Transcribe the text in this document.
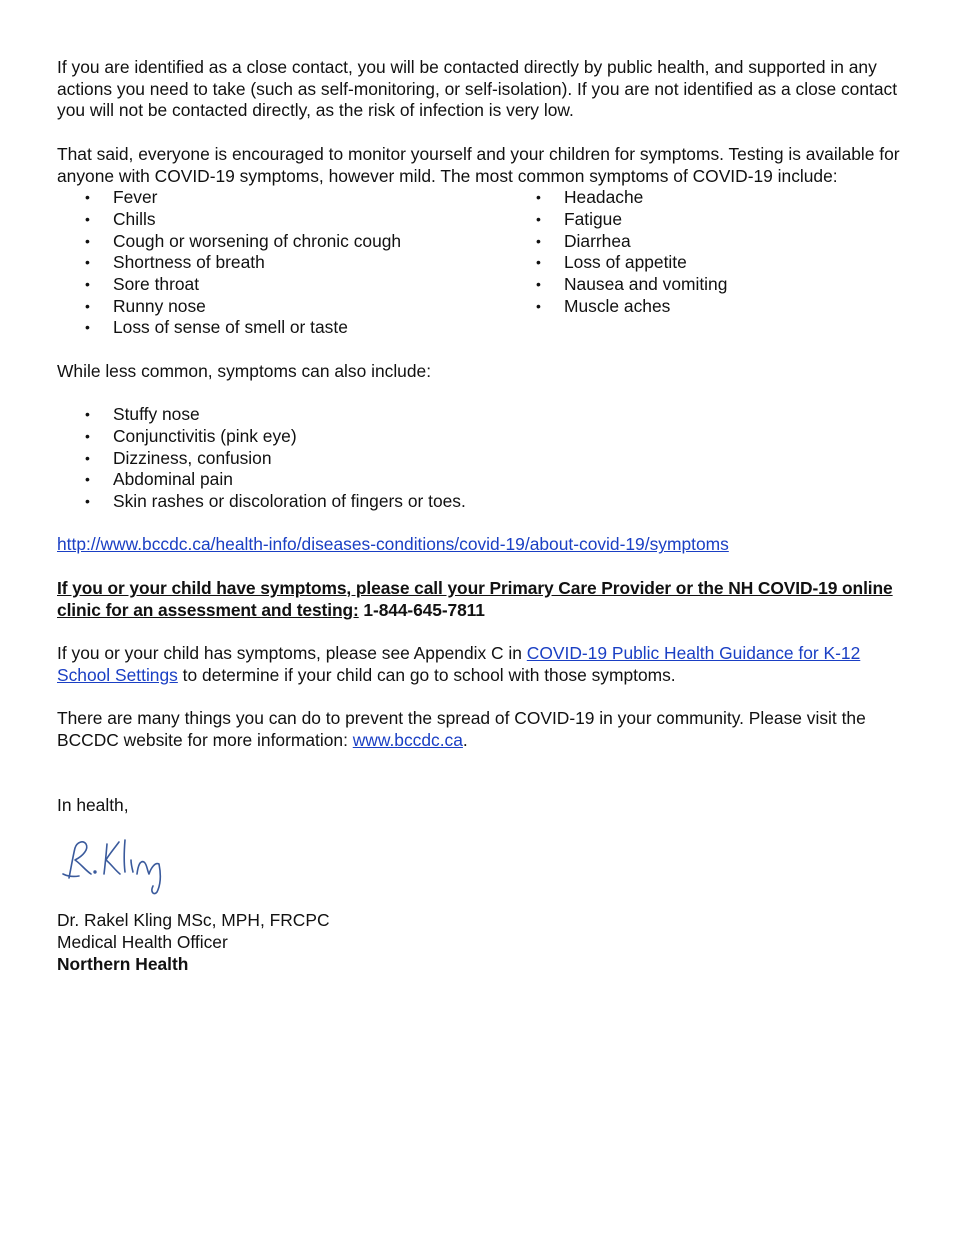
If you are identified as a close contact, you will be contacted directly by public health, and supported in any actions you need to take (such as self-monitoring, or self-isolation). If you are not identified as a close contact you will not be contacted directly, as the risk of infection is very low.

That said, everyone is encouraged to monitor yourself and your children for symptoms. Testing is available for anyone with COVID-19 symptoms, however mild. The most common symptoms of COVID-19 include:

• Fever
• Chills
• Cough or worsening of chronic cough
• Shortness of breath
• Sore throat
• Runny nose
• Loss of sense of smell or taste
• Headache
• Fatigue
• Diarrhea
• Loss of appetite
• Nausea and vomiting
• Muscle aches

While less common, symptoms can also include:

• Stuffy nose
• Conjunctivitis (pink eye)
• Dizziness, confusion
• Abdominal pain
• Skin rashes or discoloration of fingers or toes.

http://www.bccdc.ca/health-info/diseases-conditions/covid-19/about-covid-19/symptoms

If you or your child have symptoms, please call your Primary Care Provider or the NH COVID-19 online clinic for an assessment and testing: 1-844-645-7811

If you or your child has symptoms, please see Appendix C in COVID-19 Public Health Guidance for K-12 School Settings to determine if your child can go to school with those symptoms.

There are many things you can do to prevent the spread of COVID-19 in your community. Please visit the BCCDC website for more information: www.bccdc.ca.

In health,

Dr. Rakel Kling MSc, MPH, FRCPC

Medical Health Officer

Northern Health
